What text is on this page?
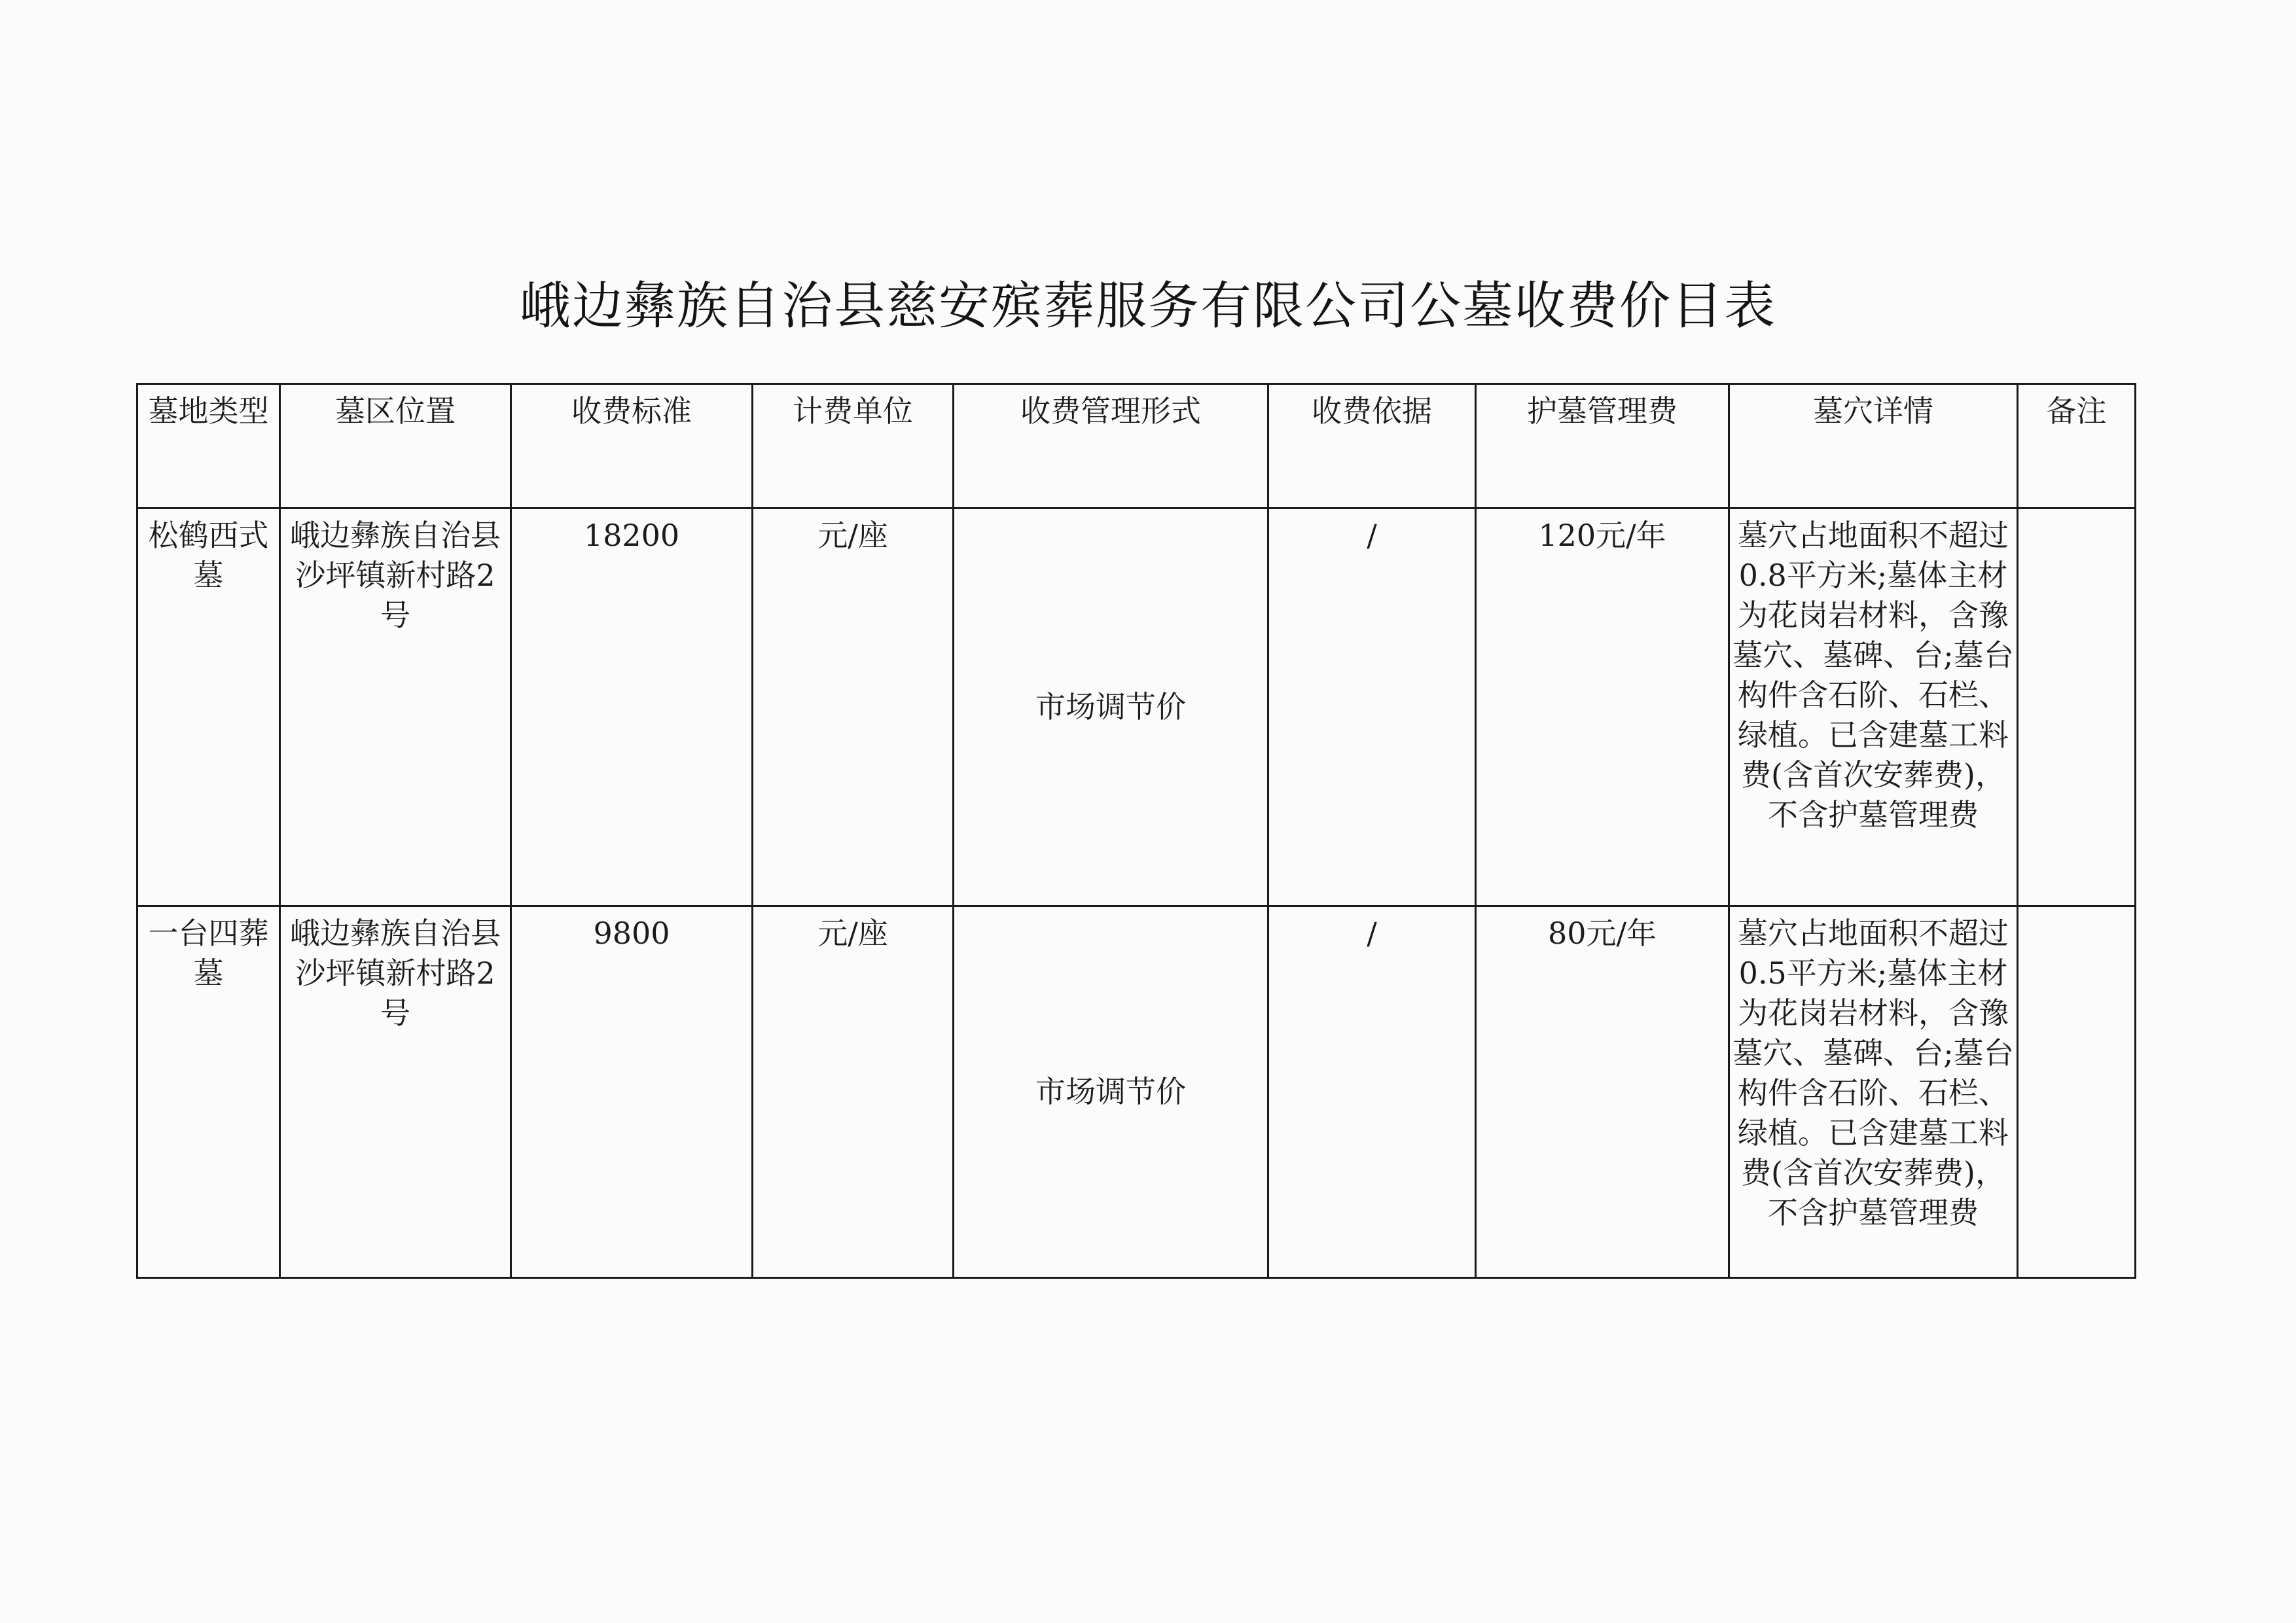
峨边彝族自治县慈安殡葬服务有限公司公墓收费价目表
墓地类型	墓区位置	收费标准	计费单位	收费管理形式	收费依据	护墓管理费	墓穴详情	备注

松鹤西式墓	峨边彝族自治县沙坪镇新村路2号	18200	元/座	市场调节价	/	120元/年	墓穴占地面积不超过0.8平方米;墓体主材为花岗岩材料，含豫墓穴、墓碑、台;墓台构件含石阶、石栏、绿植。已含建墓工料费(含首次安葬费)，不含护墓管理费	

一台四葬墓	峨边彝族自治县沙坪镇新村路2号	9800	元/座	市场调节价	/	80元/年	墓穴占地面积不超过0.5平方米;墓体主材为花岗岩材料，含豫墓穴、墓碑、台;墓台构件含石阶、石栏、绿植。已含建墓工料费(含首次安葬费)，不含护墓管理费	
